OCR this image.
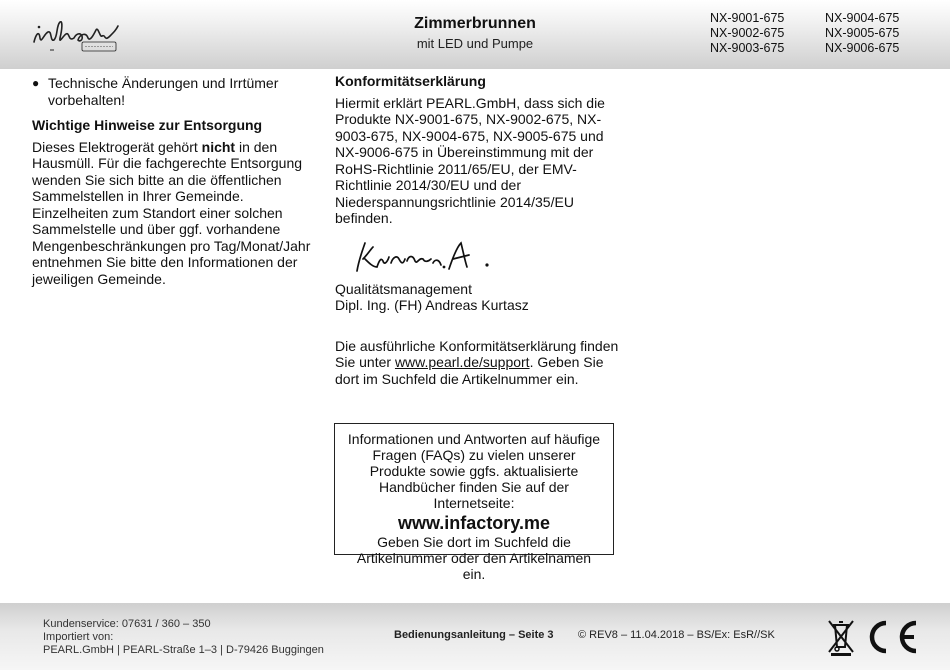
Zimmerbrunnen
mit LED und Pumpe
NX-9001-675
NX-9002-675
NX-9003-675
NX-9004-675
NX-9005-675
NX-9006-675
● Technische Änderungen und Irrtümer vorbehalten!
Wichtige Hinweise zur Entsorgung

Dieses Elektrogerät gehört nicht in den Hausmüll. Für die fachgerechte Entsorgung wenden Sie sich bitte an die öffentlichen Sammelstellen in Ihrer Gemeinde. Einzelheiten zum Standort einer solchen Sammelstelle und über ggf. vorhandene Mengenbeschränkungen pro Tag/Monat/Jahr entnehmen Sie bitte den Informationen der jeweiligen Gemeinde.

Konformitätserklärung

Hiermit erklärt PEARL.GmbH, dass sich die Produkte NX-9001-675, NX-9002-675, NX-9003-675, NX-9004-675, NX-9005-675 und NX-9006-675 in Übereinstimmung mit der RoHS-Richtlinie 2011/65/EU, der EMV-Richtlinie 2014/30/EU und der Niederspannungsrichtlinie 2014/35/EU befinden.

Qualitätsmanagement

Dipl. Ing. (FH) Andreas Kurtasz

Die ausführliche Konformitätserklärung finden Sie unter www.pearl.de/support. Geben Sie dort im Suchfeld die Artikelnummer ein.

Informationen und Antworten auf häufige Fragen (FAQs) zu vielen unserer Produkte sowie ggfs. aktualisierte Handbücher finden Sie auf der Internetseite:
www.infactory.me
Geben Sie dort im Suchfeld die Artikelnummer oder den Artikelnamen ein.
Kundenservice: 07631 / 360 – 350
Importiert von:
PEARL.GmbH | PEARL-Straße 1–3 | D-79426 Buggingen
Bedienungsanleitung – Seite 3 © REV8 – 11.04.2018 – BS/Ex: EsR//SK
